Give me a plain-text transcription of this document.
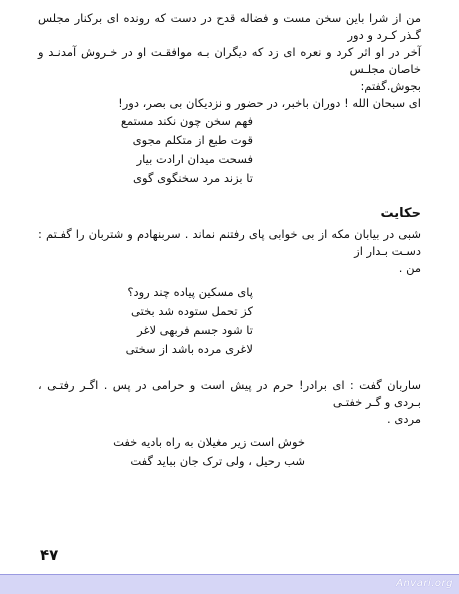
من از شرا باین سخن مست و فضاله قدح در دست که رونده ای برکنار مجلس گـذر کـرد و دور
آخر در او اثر کرد و نعره ای زد که دیگران بـه موافقـت او در خـروش آمدنـد و خاصان مجلـس
بجوش.گفتم:
ای سبحان الله ! دوران باخبر، در حضور و نزدیکان بی بصر، دور!
فهم سخن چون نکند مستمع
قوت طبع از متکلم مجوی
فسحت میدان ارادت بیار
تا بزند مرد سخنگوی گوی
حکایت
شبی در بیابان مکه از بی خوابی پای رفتنم نماند . سربنهادم و شتربان را گفـتم : دسـت بـدار از
من .
پای مسکین پیاده چند رود؟
کز تحمل ستوده شد بختی
تا شود جسم فربهی لاغر
لاغری مرده باشد از سختی
ساربان گفت : ای برادر! حرم در پیش است و حرامی در پس . اگـر رفتـی ، بـردی و گـر خفتـی
مردی .
خوش است زیر مغیلان به راه بادیه خفت
شب رحیل ، ولی ترک جان بباید گفت
۴۷
Anvari.org
